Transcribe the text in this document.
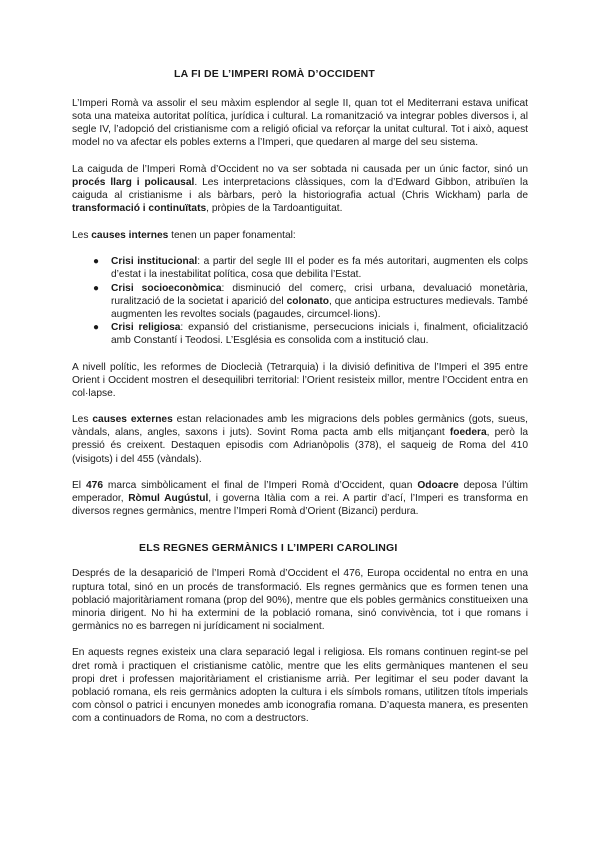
LA FI DE L’IMPERI ROMÀ D’OCCIDENT

L’Imperi Romà va assolir el seu màxim esplendor al segle II, quan tot el Mediterrani estava unificat sota una mateixa autoritat política, jurídica i cultural. La romanització va integrar pobles diversos i, al segle IV, l’adopció del cristianisme com a religió oficial va reforçar la unitat cultural. Tot i això, aquest model no va afectar els pobles externs a l’Imperi, que quedaren al marge del seu sistema.

La caiguda de l’Imperi Romà d’Occident no va ser sobtada ni causada per un únic factor, sinó un procés llarg i policausal. Les interpretacions clàssiques, com la d’Edward Gibbon, atribuïen la caiguda al cristianisme i als bàrbars, però la historiografia actual (Chris Wickham) parla de transformació i continuïtats, pròpies de la Tardoantiguitat.

Les causes internes tenen un paper fonamental:

● Crisi institucional: a partir del segle III el poder es fa més autoritari, augmenten els colps d’estat i la inestabilitat política, cosa que debilita l’Estat.
● Crisi socioeconòmica: disminució del comerç, crisi urbana, devaluació monetària, ruralització de la societat i aparició del colonato, que anticipa estructures medievals. També augmenten les revoltes socials (pagaudes, circumcel·lions).
● Crisi religiosa: expansió del cristianisme, persecucions inicials i, finalment, oficialització amb Constantí i Teodosi. L’Església es consolida com a institució clau.

A nivell polític, les reformes de Dioclecià (Tetrarquia) i la divisió definitiva de l’Imperi el 395 entre Orient i Occident mostren el desequilibri territorial: l’Orient resisteix millor, mentre l’Occident entra en col·lapse.

Les causes externes estan relacionades amb les migracions dels pobles germànics (gots, sueus, vàndals, alans, angles, saxons i juts). Sovint Roma pacta amb ells mitjançant foedera, però la pressió és creixent. Destaquen episodis com Adrianòpolis (378), el saqueig de Roma del 410 (visigots) i del 455 (vàndals).

El 476 marca simbòlicament el final de l’Imperi Romà d’Occident, quan Odoacre deposa l’últim emperador, Ròmul Augústul, i governa Itàlia com a rei. A partir d’ací, l’Imperi es transforma en diversos regnes germànics, mentre l’Imperi Romà d’Orient (Bizanci) perdura.

ELS REGNES GERMÀNICS I L’IMPERI CAROLINGI

Després de la desaparició de l’Imperi Romà d’Occident el 476, Europa occidental no entra en una ruptura total, sinó en un procés de transformació. Els regnes germànics que es formen tenen una població majoritàriament romana (prop del 90%), mentre que els pobles germànics constitueixen una minoria dirigent. No hi ha extermini de la població romana, sinó convivència, tot i que romans i germànics no es barregen ni jurídicament ni socialment.

En aquests regnes existeix una clara separació legal i religiosa. Els romans continuen regint-se pel dret romà i practiquen el cristianisme catòlic, mentre que les elits germàniques mantenen el seu propi dret i professen majoritàriament el cristianisme arrià. Per legitimar el seu poder davant la població romana, els reis germànics adopten la cultura i els símbols romans, utilitzen títols imperials com cònsol o patrici i encunyen monedes amb iconografia romana. D’aquesta manera, es presenten com a continuadors de Roma, no com a destructors.
